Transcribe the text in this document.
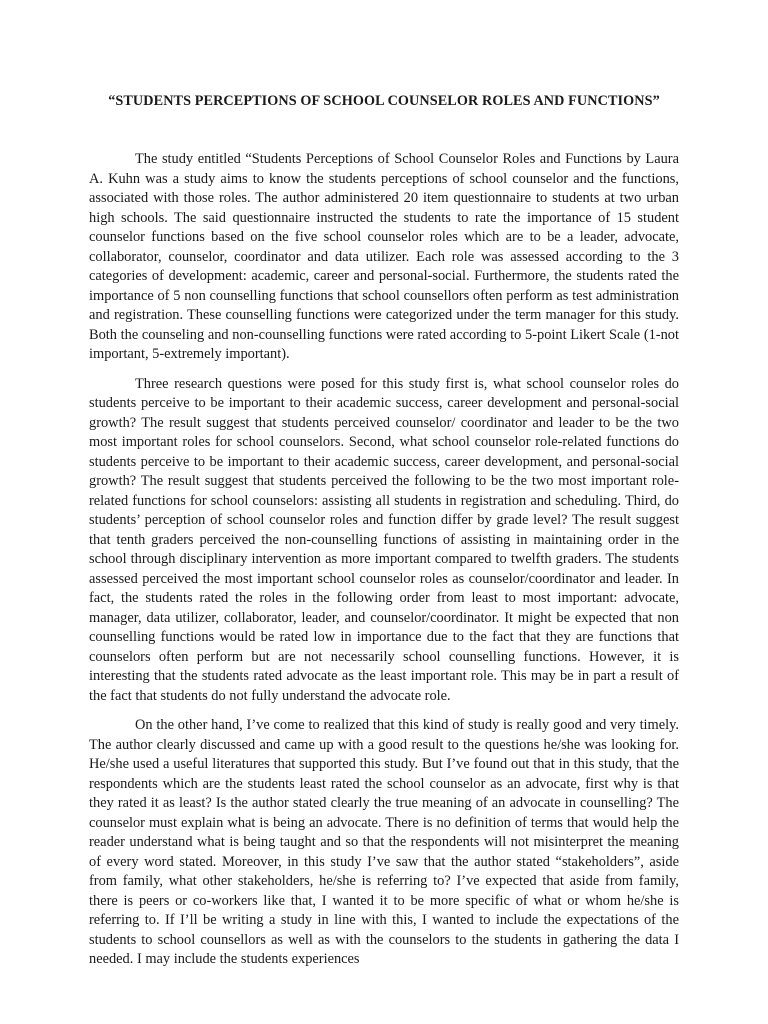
“STUDENTS PERCEPTIONS OF SCHOOL COUNSELOR ROLES AND FUNCTIONS”

The study entitled “Students Perceptions of School Counselor Roles and Functions by Laura A. Kuhn was a study aims to know the students perceptions of school counselor and the functions, associated with those roles. The author administered 20 item questionnaire to students at two urban high schools. The said questionnaire instructed the students to rate the importance of 15 student counselor functions based on the five school counselor roles which are to be a leader, advocate, collaborator, counselor, coordinator and data utilizer. Each role was assessed according to the 3 categories of development: academic, career and personal-social. Furthermore, the students rated the importance of 5 non counselling functions that school counsellors often perform as test administration and registration. These counselling functions were categorized under the term manager for this study. Both the counseling and non-counselling functions were rated according to 5-point Likert Scale (1-not important, 5-extremely important).

Three research questions were posed for this study first is, what school counselor roles do students perceive to be important to their academic success, career development and personal-social growth? The result suggest that students perceived counselor/ coordinator and leader to be the two most important roles for school counselors. Second, what school counselor role-related functions do students perceive to be important to their academic success, career development, and personal-social growth? The result suggest that students perceived the following to be the two most important role-related functions for school counselors: assisting all students in registration and scheduling. Third, do students’ perception of school counselor roles and function differ by grade level? The result suggest that tenth graders perceived the non-counselling functions of assisting in maintaining order in the school through disciplinary intervention as more important compared to twelfth graders. The students assessed perceived the most important school counselor roles as counselor/coordinator and leader. In fact, the students rated the roles in the following order from least to most important: advocate, manager, data utilizer, collaborator, leader, and counselor/coordinator. It might be expected that non counselling functions would be rated low in importance due to the fact that they are functions that counselors often perform but are not necessarily school counselling functions. However, it is interesting that the students rated advocate as the least important role. This may be in part a result of the fact that students do not fully understand the advocate role.

On the other hand, I’ve come to realized that this kind of study is really good and very timely. The author clearly discussed and came up with a good result to the questions he/she was looking for. He/she used a useful literatures that supported this study. But I’ve found out that in this study, that the respondents which are the students least rated the school counselor as an advocate, first why is that they rated it as least? Is the author stated clearly the true meaning of an advocate in counselling? The counselor must explain what is being an advocate. There is no definition of terms that would help the reader understand what is being taught and so that the respondents will not misinterpret the meaning of every word stated. Moreover, in this study I’ve saw that the author stated “stakeholders”, aside from family, what other stakeholders, he/she is referring to? I’ve expected that aside from family, there is peers or co-workers like that, I wanted it to be more specific of what or whom he/she is referring to. If I’ll be writing a study in line with this, I wanted to include the expectations of the students to school counsellors as well as with the counselors to the students in gathering the data I needed. I may include the students experiences
